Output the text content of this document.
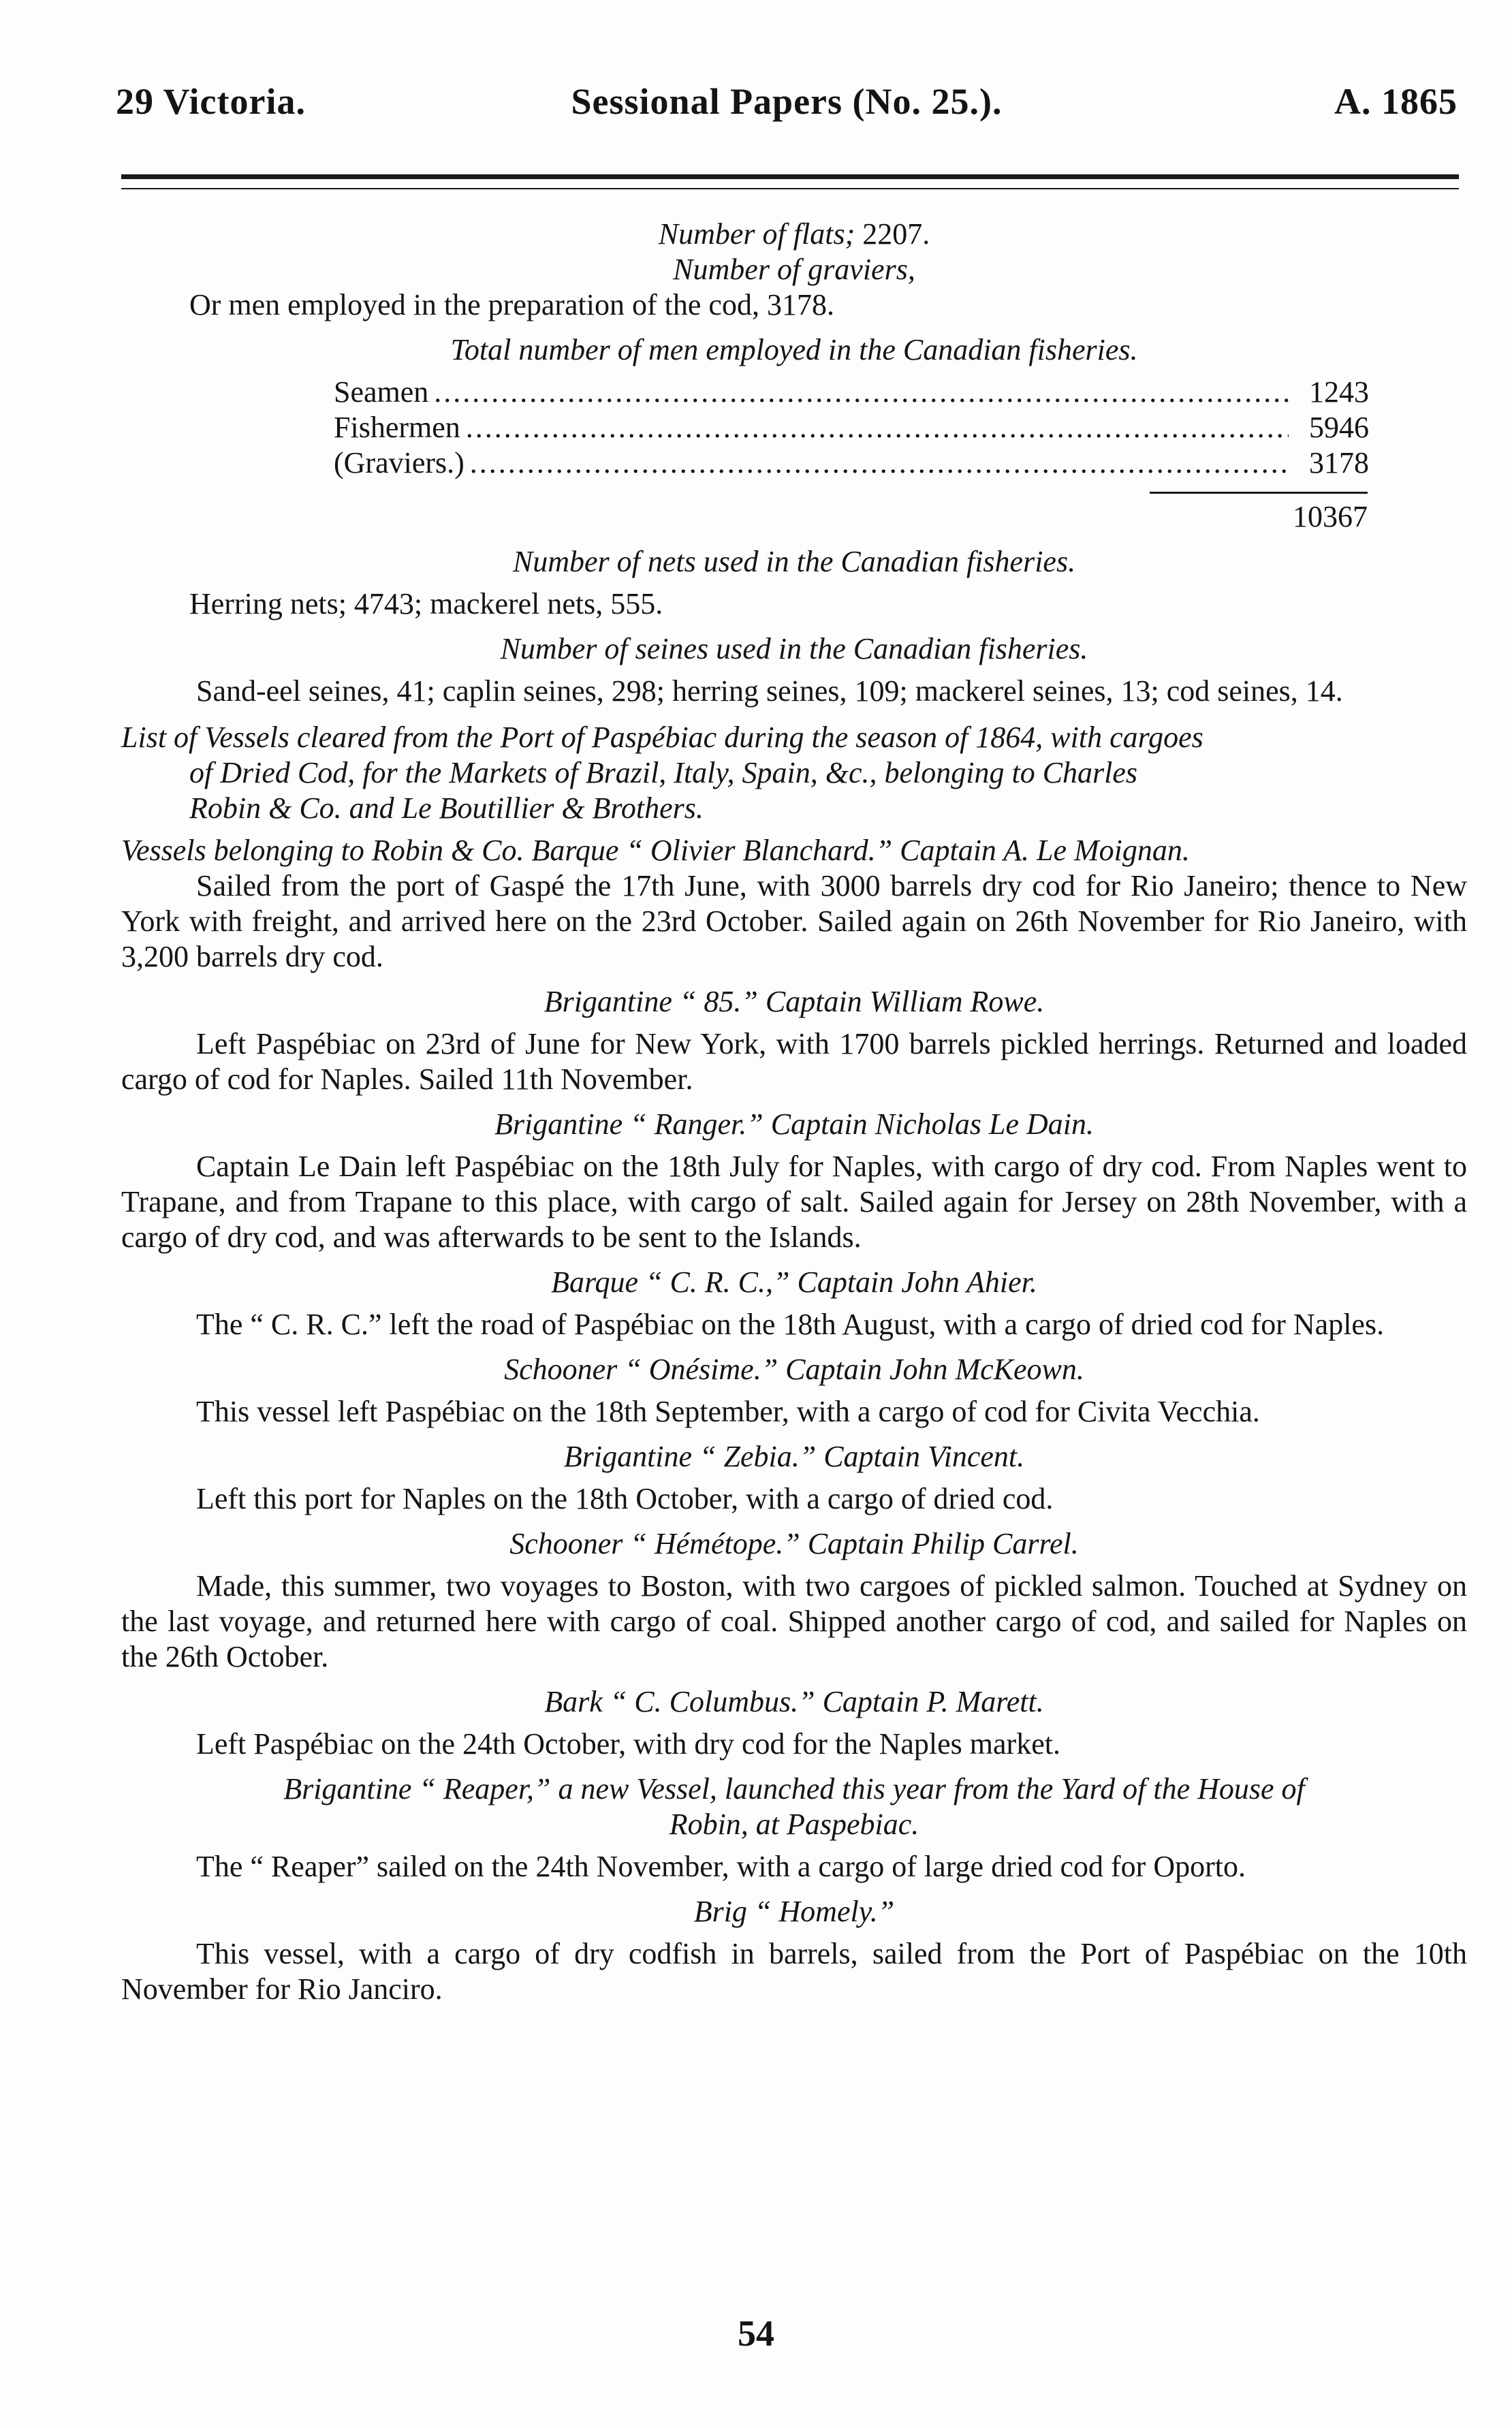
29 Victoria.	Sessional Papers (No. 25.).	A. 1865

Number of flats; 2207.

Number of graviers,

Or men employed in the preparation of the cod, 3178.

Total number of men employed in the Canadian fisheries.

Seamen .....	1243
Fishermen .....	5946
(Graviers.) .....	3178

10367

Number of nets used in the Canadian fisheries.

Herring nets; 4743; mackerel nets, 555.

Number of seines used in the Canadian fisheries.

Sand-eel seines, 41; caplin seines, 298; herring seines, 109; mackerel seines, 13; cod seines, 14.

List of Vessels cleared from the Port of Paspébiac during the season of 1864, with cargoes
of Dried Cod, for the Markets of Brazil, Italy, Spain, &c., belonging to Charles
Robin & Co. and Le Boutillier & Brothers.

Vessels belonging to Robin & Co. Barque “ Olivier Blanchard.” Captain A. Le Moignan.

Sailed from the port of Gaspé the 17th June, with 3000 barrels dry cod for Rio Janeiro; thence to New York with freight, and arrived here on the 23rd October. Sailed again on 26th November for Rio Janeiro, with 3,200 barrels dry cod.

Brigantine “ 85.” Captain William Rowe.

Left Paspébiac on 23rd of June for New York, with 1700 barrels pickled herrings. Returned and loaded cargo of cod for Naples. Sailed 11th November.

Brigantine “ Ranger.” Captain Nicholas Le Dain.

Captain Le Dain left Paspébiac on the 18th July for Naples, with cargo of dry cod. From Naples went to Trapane, and from Trapane to this place, with cargo of salt. Sailed again for Jersey on 28th November, with a cargo of dry cod, and was afterwards to be sent to the Islands.

Barque “ C. R. C.,” Captain John Ahier.

The “ C. R. C.” left the road of Paspébiac on the 18th August, with a cargo of dried cod for Naples.

Schooner “ Onésime.” Captain John McKeown.

This vessel left Paspébiac on the 18th September, with a cargo of cod for Civita Vecchia.

Brigantine “ Zebia.” Captain Vincent.

Left this port for Naples on the 18th October, with a cargo of dried cod.

Schooner “ Hémétope.” Captain Philip Carrel.

Made, this summer, two voyages to Boston, with two cargoes of pickled salmon. Touched at Sydney on the last voyage, and returned here with cargo of coal. Shipped another cargo of cod, and sailed for Naples on the 26th October.

Bark “ C. Columbus.” Captain P. Marett.

Left Paspébiac on the 24th October, with dry cod for the Naples market.

Brigantine “ Reaper,” a new Vessel, launched this year from the Yard of the House of

Robin, at Paspebiac.

The “ Reaper” sailed on the 24th November, with a cargo of large dried cod for Oporto.

Brig “ Homely.”

This vessel, with a cargo of dry codfish in barrels, sailed from the Port of Paspébiac on the 10th November for Rio Janciro.

54
